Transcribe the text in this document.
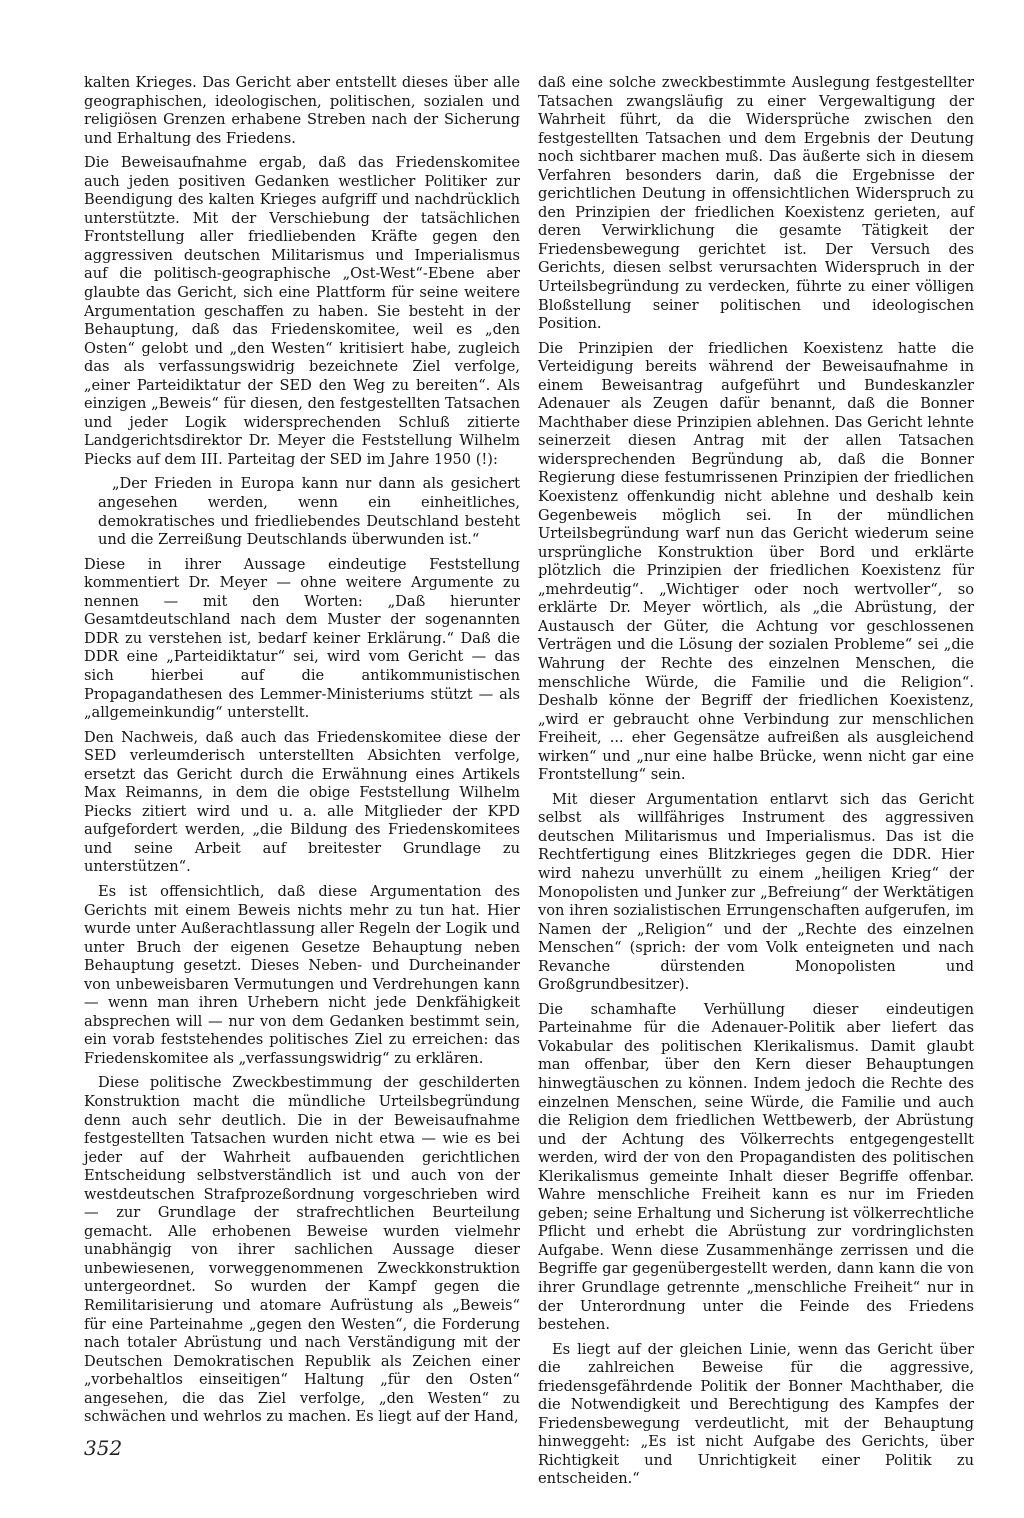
kalten Krieges. Das Gericht aber entstellt dieses über alle geographischen, ideologischen, politischen, sozialen und religiösen Grenzen erhabene Streben nach der Sicherung und Erhaltung des Friedens.

Die Beweisaufnahme ergab, daß das Friedenskomitee auch jeden positiven Gedanken westlicher Politiker zur Beendigung des kalten Krieges aufgriff und nachdrücklich unterstützte. Mit der Verschiebung der tatsächlichen Frontstellung aller friedliebenden Kräfte gegen den aggressiven deutschen Militarismus und Imperialismus auf die politisch-geographische „Ost-West“-Ebene aber glaubte das Gericht, sich eine Plattform für seine weitere Argumentation geschaffen zu haben. Sie besteht in der Behauptung, daß das Friedenskomitee, weil es „den Osten“ gelobt und „den Westen“ kritisiert habe, zugleich das als verfassungswidrig bezeichnete Ziel verfolge, „einer Parteidiktatur der SED den Weg zu bereiten“. Als einzigen „Beweis“ für diesen, den festgestellten Tatsachen und jeder Logik widersprechenden Schluß zitierte Landgerichtsdirektor Dr. Meyer die Feststellung Wilhelm Piecks auf dem III. Parteitag der SED im Jahre 1950 (!):

„Der Frieden in Europa kann nur dann als gesichert angesehen werden, wenn ein einheitliches, demokratisches und friedliebendes Deutschland besteht und die Zerreißung Deutschlands überwunden ist.“

Diese in ihrer Aussage eindeutige Feststellung kommentiert Dr. Meyer — ohne weitere Argumente zu nennen — mit den Worten: „Daß hierunter Gesamtdeutschland nach dem Muster der sogenannten DDR zu verstehen ist, bedarf keiner Erklärung.“ Daß die DDR eine „Parteidiktatur“ sei, wird vom Gericht — das sich hierbei auf die antikommunistischen Propagandathesen des Lemmer-Ministeriums stützt — als „allgemeinkundig“ unterstellt.

Den Nachweis, daß auch das Friedenskomitee diese der SED verleumderisch unterstellten Absichten verfolge, ersetzt das Gericht durch die Erwähnung eines Artikels Max Reimanns, in dem die obige Feststellung Wilhelm Piecks zitiert wird und u. a. alle Mitglieder der KPD aufgefordert werden, „die Bildung des Friedenskomitees und seine Arbeit auf breitester Grundlage zu unterstützen“.

Es ist offensichtlich, daß diese Argumentation des Gerichts mit einem Beweis nichts mehr zu tun hat. Hier wurde unter Außerachtlassung aller Regeln der Logik und unter Bruch der eigenen Gesetze Behauptung neben Behauptung gesetzt. Dieses Neben- und Durcheinander von unbeweisbaren Vermutungen und Verdrehungen kann — wenn man ihren Urhebern nicht jede Denkfähigkeit absprechen will — nur von dem Gedanken bestimmt sein, ein vorab feststehendes politisches Ziel zu erreichen: das Friedenskomitee als „verfassungswidrig“ zu erklären.

Diese politische Zweckbestimmung der geschilderten Konstruktion macht die mündliche Urteilsbegründung denn auch sehr deutlich. Die in der Beweisaufnahme festgestellten Tatsachen wurden nicht etwa — wie es bei jeder auf der Wahrheit aufbauenden gerichtlichen Entscheidung selbstverständlich ist und auch von der westdeutschen Strafprozeßordnung vorgeschrieben wird — zur Grundlage der strafrechtlichen Beurteilung gemacht. Alle erhobenen Beweise wurden vielmehr unabhängig von ihrer sachlichen Aussage dieser unbewiesenen, vorweggenommenen Zweckkonstruktion untergeordnet. So wurden der Kampf gegen die Remilitarisierung und atomare Aufrüstung als „Beweis“ für eine Parteinahme „gegen den Westen“, die Forderung nach totaler Abrüstung und nach Verständigung mit der Deutschen Demokratischen Republik als Zeichen einer „vorbehaltlos einseitigen“ Haltung „für den Osten“ angesehen, die das Ziel verfolge, „den Westen“ zu schwächen und wehrlos zu machen. Es liegt auf der Hand,

daß eine solche zweckbestimmte Auslegung festgestellter Tatsachen zwangsläufig zu einer Vergewaltigung der Wahrheit führt, da die Widersprüche zwischen den festgestellten Tatsachen und dem Ergebnis der Deutung noch sichtbarer machen muß. Das äußerte sich in diesem Verfahren besonders darin, daß die Ergebnisse der gerichtlichen Deutung in offensichtlichen Widerspruch zu den Prinzipien der friedlichen Koexistenz gerieten, auf deren Verwirklichung die gesamte Tätigkeit der Friedensbewegung gerichtet ist. Der Versuch des Gerichts, diesen selbst verursachten Widerspruch in der Urteilsbegründung zu verdecken, führte zu einer völligen Bloßstellung seiner politischen und ideologischen Position.

Die Prinzipien der friedlichen Koexistenz hatte die Verteidigung bereits während der Beweisaufnahme in einem Beweisantrag aufgeführt und Bundeskanzler Adenauer als Zeugen dafür benannt, daß die Bonner Machthaber diese Prinzipien ablehnen. Das Gericht lehnte seinerzeit diesen Antrag mit der allen Tatsachen widersprechenden Begründung ab, daß die Bonner Regierung diese festumrissenen Prinzipien der friedlichen Koexistenz offenkundig nicht ablehne und deshalb kein Gegenbeweis möglich sei. In der mündlichen Urteilsbegründung warf nun das Gericht wiederum seine ursprüngliche Konstruktion über Bord und erklärte plötzlich die Prinzipien der friedlichen Koexistenz für „mehrdeutig“. „Wichtiger oder noch wertvoller“, so erklärte Dr. Meyer wörtlich, als „die Abrüstung, der Austausch der Güter, die Achtung vor geschlossenen Verträgen und die Lösung der sozialen Probleme“ sei „die Wahrung der Rechte des einzelnen Menschen, die menschliche Würde, die Familie und die Religion“. Deshalb könne der Begriff der friedlichen Koexistenz, „wird er gebraucht ohne Verbindung zur menschlichen Freiheit, ... eher Gegensätze aufreißen als ausgleichend wirken“ und „nur eine halbe Brücke, wenn nicht gar eine Frontstellung“ sein.

Mit dieser Argumentation entlarvt sich das Gericht selbst als willfähriges Instrument des aggressiven deutschen Militarismus und Imperialismus. Das ist die Rechtfertigung eines Blitzkrieges gegen die DDR. Hier wird nahezu unverhüllt zu einem „heiligen Krieg“ der Monopolisten und Junker zur „Befreiung“ der Werktätigen von ihren sozialistischen Errungenschaften aufgerufen, im Namen der „Religion“ und der „Rechte des einzelnen Menschen“ (sprich: der vom Volk enteigneten und nach Revanche dürstenden Monopolisten und Großgrundbesitzer).

Die schamhafte Verhüllung dieser eindeutigen Parteinahme für die Adenauer-Politik aber liefert das Vokabular des politischen Klerikalismus. Damit glaubt man offenbar, über den Kern dieser Behauptungen hinwegtäuschen zu können. Indem jedoch die Rechte des einzelnen Menschen, seine Würde, die Familie und auch die Religion dem friedlichen Wettbewerb, der Abrüstung und der Achtung des Völkerrechts entgegengestellt werden, wird der von den Propagandisten des politischen Klerikalismus gemeinte Inhalt dieser Begriffe offenbar. Wahre menschliche Freiheit kann es nur im Frieden geben; seine Erhaltung und Sicherung ist völkerrechtliche Pflicht und erhebt die Abrüstung zur vordringlichsten Aufgabe. Wenn diese Zusammenhänge zerrissen und die Begriffe gar gegenübergestellt werden, dann kann die von ihrer Grundlage getrennte „menschliche Freiheit“ nur in der Unterordnung unter die Feinde des Friedens bestehen.

Es liegt auf der gleichen Linie, wenn das Gericht über die zahlreichen Beweise für die aggressive, friedensgefährdende Politik der Bonner Machthaber, die die Notwendigkeit und Berechtigung des Kampfes der Friedensbewegung verdeutlicht, mit der Behauptung hinweggeht: „Es ist nicht Aufgabe des Gerichts, über Richtigkeit und Unrichtigkeit einer Politik zu entscheiden.“

352
